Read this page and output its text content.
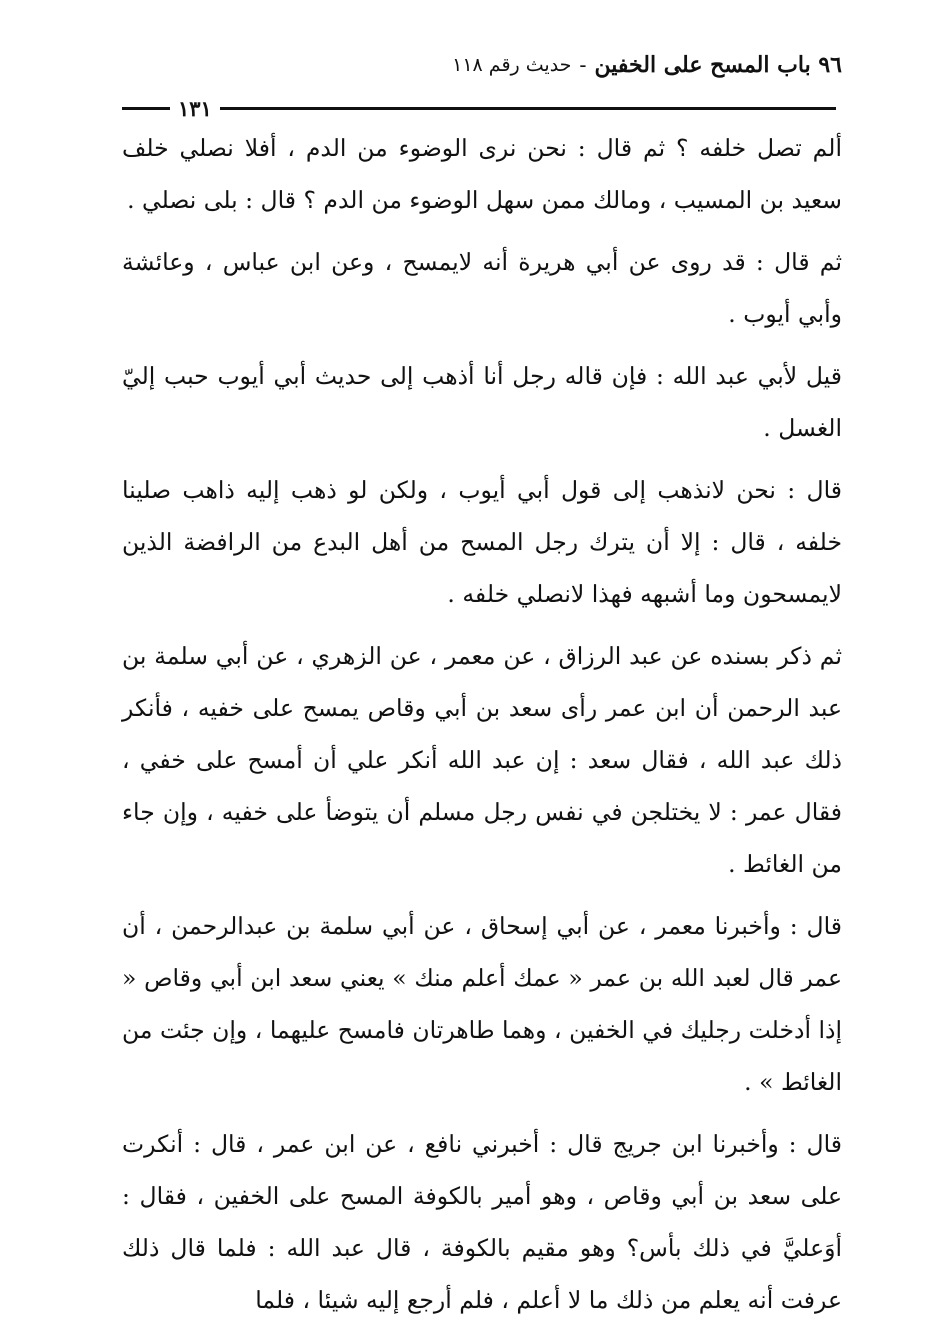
٩٦ باب المسح على الخفين
-
حديث رقم ١١٨
١٣١

ألم تصل خلفه ؟ ثم قال : نحن نرى الوضوء من الدم ، أفلا نصلي خلف سعيد بن المسيب ، ومالك ممن سهل الوضوء من الدم ؟ قال : بلى نصلي .

ثم قال : قد روى عن أبي هريرة أنه لايمسح ، وعن ابن عباس ، وعائشة وأبي أيوب .

قيل لأبي عبد الله : فإن قاله رجل أنا أذهب إلى حديث أبي أيوب حبب إليّ الغسل .

قال : نحن لانذهب إلى قول أبي أيوب ، ولكن لو ذهب إليه ذاهب صلينا خلفه ، قال : إلا أن يترك رجل المسح من أهل البدع من الرافضة الذين لايمسحون وما أشبهه فهذا لانصلي خلفه .

ثم ذكر بسنده عن عبد الرزاق ، عن معمر ، عن الزهري ، عن أبي سلمة بن عبد الرحمن أن ابن عمر رأى سعد بن أبي وقاص يمسح على خفيه ، فأنكر ذلك عبد الله ، فقال سعد : إن عبد الله أنكر علي أن أمسح على خفي ، فقال عمر : لا يختلجن في نفس رجل مسلم أن يتوضأ على خفيه ، وإن جاء من الغائط .

قال : وأخبرنا معمر ، عن أبي إسحاق ، عن أبي سلمة بن عبدالرحمن ، أن عمر قال لعبد الله بن عمر « عمك أعلم منك » يعني سعد ابن أبي وقاص « إذا أدخلت رجليك في الخفين ، وهما طاهرتان فامسح عليهما ، وإن جئت من الغائط » .

قال : وأخبرنا ابن جريج قال : أخبرني نافع ، عن ابن عمر ، قال : أنكرت على سعد بن أبي وقاص ، وهو أمير بالكوفة المسح على الخفين ، فقال : أوَعليَّ في ذلك بأس؟ وهو مقيم بالكوفة ، قال عبد الله : فلما قال ذلك عرفت أنه يعلم من ذلك ما لا أعلم ، فلم أرجع إليه شيئا ، فلما
